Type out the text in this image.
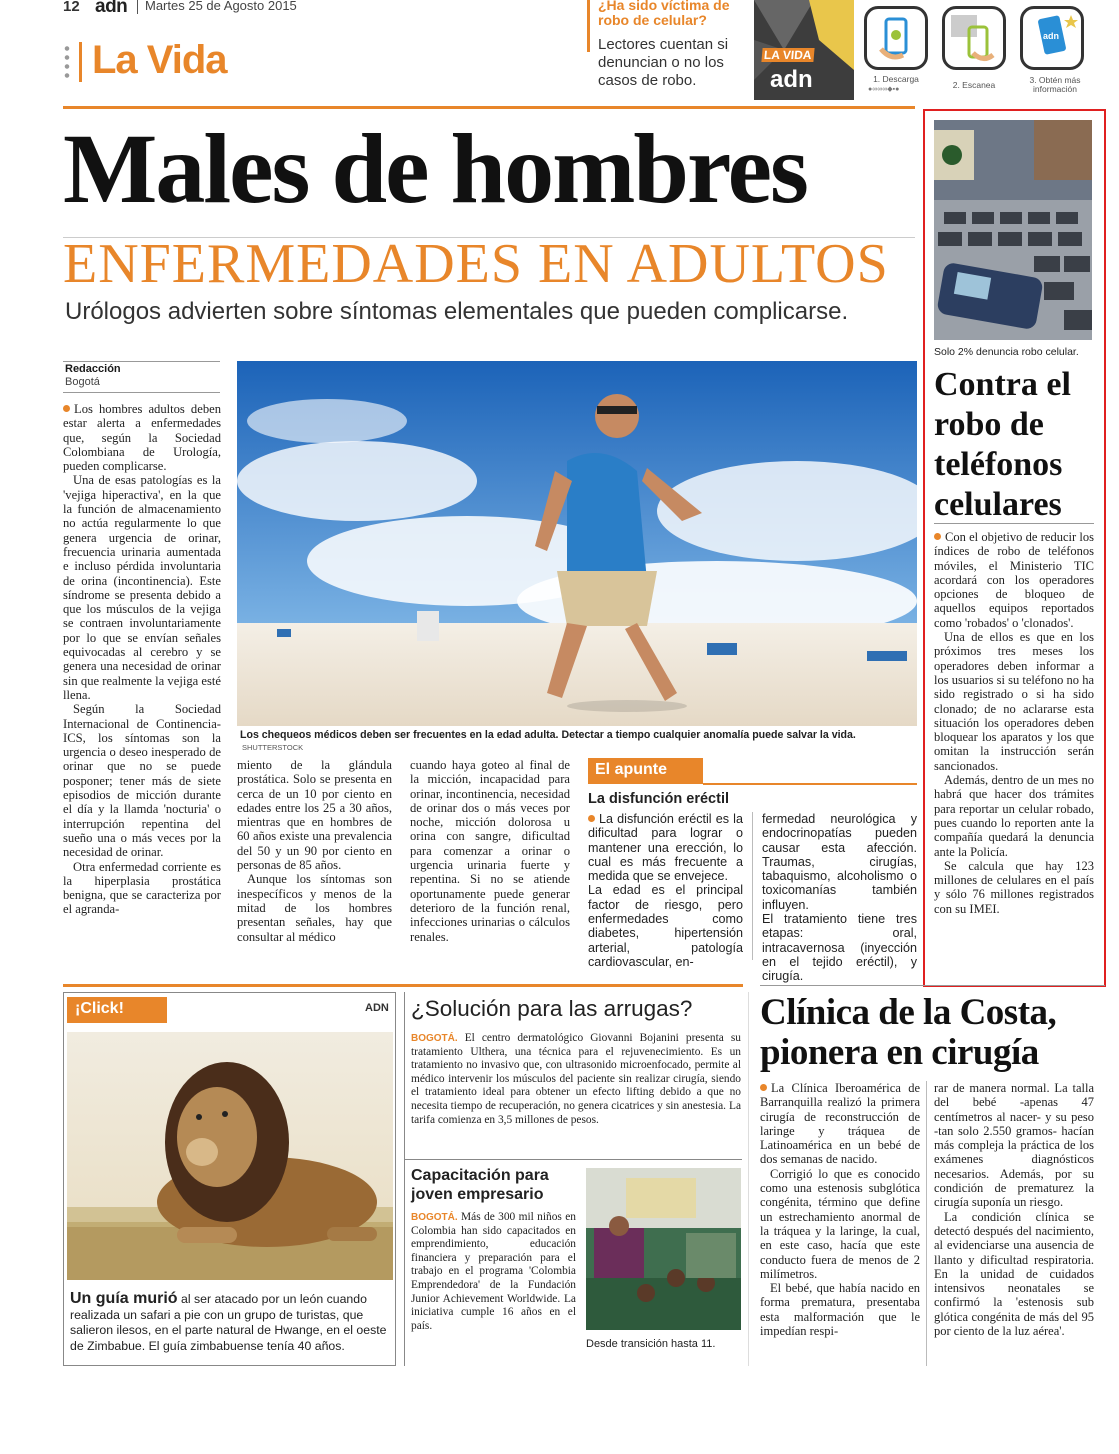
12 adn Martes 25 de Agosto 2015
La Vida
¿Ha sido víctima de robo de celular?
Lectores cuentan si denuncian o no los casos de robo.
LA VIDA
adn
adn
1. Descarga
●∞∞∞◆▪●	2. Escanea	3. Obtén más información
Males de hombres
ENFERMEDADES EN ADULTOS
Urólogos advierten sobre síntomas elementales que pueden complicarse.
Redacción
Bogotá
Los chequeos médicos deben ser frecuentes en la edad adulta. Detectar a tiempo cualquier anomalía puede salvar la vida. SHUTTERSTOCK

Los hombres adultos deben estar alerta a enfermedades que, según la Sociedad Colombiana de Urología, pueden complicarse.

Una de esas patologías es la 'vejiga hiperactiva', en la que la función de almacenamiento no actúa regularmente lo que genera urgencia de orinar, frecuencia urinaria aumentada e incluso pérdida involuntaria de orina (incontinencia). Este síndrome se presenta debido a que los músculos de la vejiga se contraen involuntariamente por lo que se envían señales equivocadas al cerebro y se genera una necesidad de orinar sin que realmente la vejiga esté llena.

Según la Sociedad Internacional de Continencia-ICS, los síntomas son la urgencia o deseo inesperado de orinar que no se puede posponer; tener más de siete episodios de micción durante el día y la llamda 'nocturia' o interrupción repentina del sueño una o más veces por la necesidad de orinar.

Otra enfermedad corriente es la hiperplasia prostática benigna, que se caracteriza por el agranda-

miento de la glándula prostática. Solo se presenta en cerca de un 10 por ciento en edades entre los 25 a 30 años, mientras que en hombres de 60 años existe una prevalencia del 50 y un 90 por ciento en personas de 85 años.

Aunque los síntomas son inespecíficos y menos de la mitad de los hombres presentan señales, hay que consultar al médico

cuando haya goteo al final de la micción, incapacidad para orinar, incontinencia, necesidad de orinar dos o más veces por noche, micción dolorosa u orina con sangre, dificultad para comenzar a orinar o urgencia urinaria fuerte y repentina. Si no se atiende oportunamente puede generar deterioro de la función renal, infecciones urinarias o cálculos renales.

El apunte
La disfunción eréctil

La disfunción eréctil es la dificultad para lograr o mantener una erección, lo cual es más frecuente a medida que se envejece.

La edad es el principal factor de riesgo, pero enfermedades como diabetes, hipertensión arterial, patología cardiovascular, en-

fermedad neurológica y endocrinopatías pueden causar esta afección. Traumas, cirugías, tabaquismo, alcoholismo o toxicomanías también influyen.

El tratamiento tiene tres etapas: oral, intracavernosa (inyección en el tejido eréctil), y cirugía.

Solo 2% denuncia robo celular.
Contra el robo de teléfonos celulares

Con el objetivo de reducir los índices de robo de teléfonos móviles, el Ministerio TIC acordará con los operadores opciones de bloqueo de aquellos equipos reportados como 'robados' o 'clonados'.

Una de ellos es que en los próximos tres meses los operadores deben informar a los usuarios si su teléfono no ha sido registrado o si ha sido clonado; de no aclararse esta situación los operadores deben bloquear los aparatos y los que omitan la instrucción serán sancionados.

Además, dentro de un mes no habrá que hacer dos trámites para reportar un celular robado, pues cuando lo reporten ante la compañía quedará la denuncia ante la Policía.

Se calcula que hay 123 millones de celulares en el país y sólo 76 millones registrados con su IMEI.

¡Click!	ADN
Un guía murió al ser atacado por un león cuando realizada un safari a pie con un grupo de turistas, que salieron ilesos, en el parte natural de Hwange, en el oeste de Zimbabue. El guía zimbabuense tenía 40 años.
¿Solución para las arrugas?

BOGOTÁ. El centro dermatológico Giovanni Bojanini presenta su tratamiento Ulthera, una técnica para el rejuvenecimiento. Es un tratamiento no invasivo que, con ultrasonido microenfocado, permite al médico intervenir los músculos del paciente sin realizar cirugía, siendo el tratamiento ideal para obtener un efecto lifting debido a que no necesita tiempo de recuperación, no genera cicatrices y sin anestesia. La tarifa comienza en 3,5 millones de pesos.

Capacitación para joven empresario

BOGOTÁ. Más de 300 mil niños en Colombia han sido capacitados en emprendimiento, educación financiera y preparación para el trabajo en el programa 'Colombia Emprendedora' de la Fundación Junior Achievement Worldwide. La iniciativa cumple 16 años en el país.

Desde transición hasta 11.
Clínica de la Costa, pionera en cirugía

La Clínica Iberoamérica de Barranquilla realizó la primera cirugía de reconstrucción de laringe y tráquea de Latinoamérica en un bebé de dos semanas de nacido.

Corrigió lo que es conocido como una estenosis subglótica congénita, término que define un estrechamiento anormal de la tráquea y la laringe, la cual, en este caso, hacía que este conducto fuera de menos de 2 milímetros.

El bebé, que había nacido en forma prematura, presentaba esta malformación que le impedían respi-

rar de manera normal. La talla del bebé -apenas 47 centímetros al nacer- y su peso -tan solo 2.550 gramos- hacían más compleja la práctica de los exámenes diagnósticos necesarios. Además, por su condición de prematurez la cirugía suponía un riesgo.

La condición clínica se detectó después del nacimiento, al evidenciarse una ausencia de llanto y dificultad respiratoria. En la unidad de cuidados intensivos neonatales se confirmó la 'estenosis sub glótica congénita de más del 95 por ciento de la luz aérea'.
